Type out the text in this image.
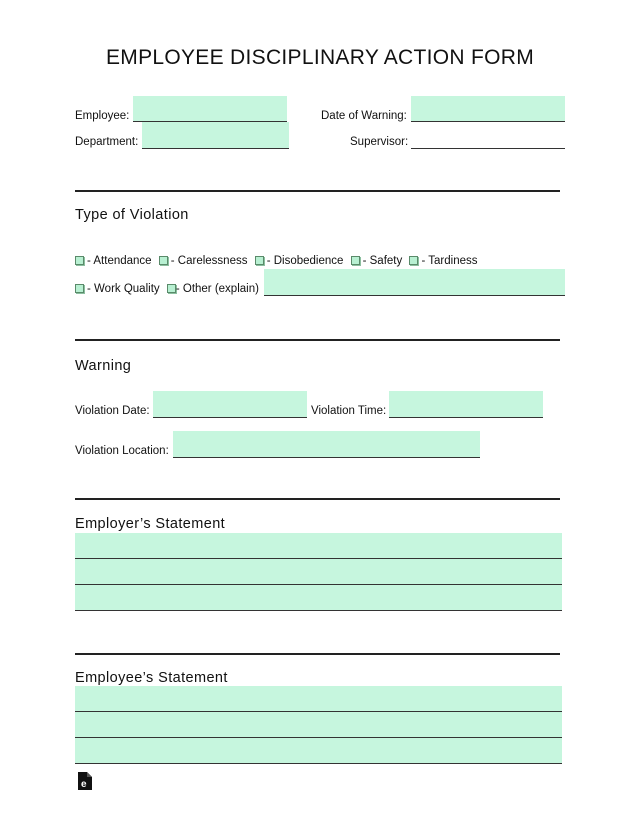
EMPLOYEE DISCIPLINARY ACTION FORM
Employee:	Date of Warning:
Department:	Supervisor:
Type of Violation
- Attendance - Carelessness - Disobedience - Safety - Tardiness
- Work Quality - Other (explain)
Warning
Violation Date:	Violation Time:
Violation Location:
Employer’s Statement
Employee’s Statement
e
